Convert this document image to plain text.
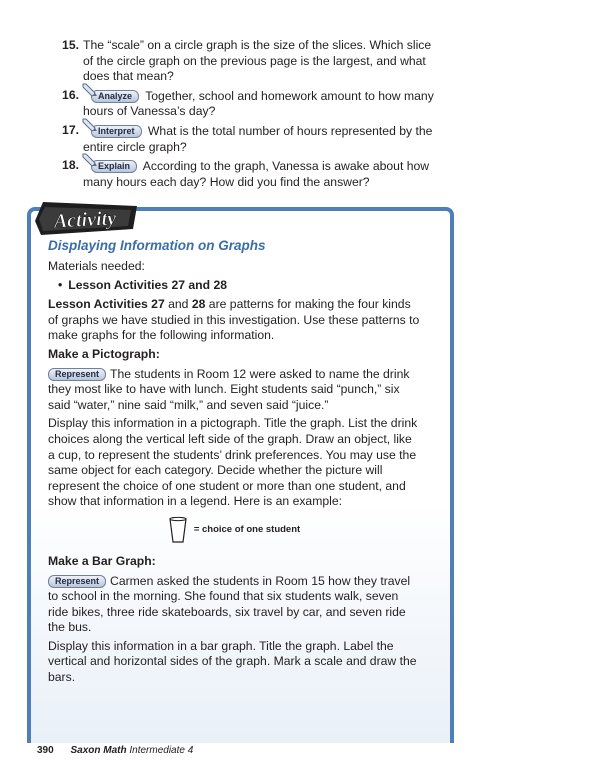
15. The “scale” on a circle graph is the size of the slices. Which slice of the circle graph on the previous page is the largest, and what does that mean?
16. Analyze Together, school and homework amount to how many hours of Vanessa’s day?
17. Interpret What is the total number of hours represented by the entire circle graph?
18. Explain According to the graph, Vanessa is awake about how many hours each day? How did you find the answer?
Activity
Displaying Information on Graphs

Materials needed:

• Lesson Activities 27 and 28

Lesson Activities 27 and 28 are patterns for making the four kinds of graphs we have studied in this investigation. Use these patterns to make graphs for the following information.

Make a Pictograph:

Represent The students in Room 12 were asked to name the drink they most like to have with lunch. Eight students said “punch,” six said “water,” nine said “milk,” and seven said “juice.”

Display this information in a pictograph. Title the graph. List the drink choices along the vertical left side of the graph. Draw an object, like a cup, to represent the students’ drink preferences. You may use the same object for each category. Decide whether the picture will represent the choice of one student or more than one student, and show that information in a legend. Here is an example:

= choice of one student
Make a Bar Graph:

Represent Carmen asked the students in Room 15 how they travel to school in the morning. She found that six students walk, seven ride bikes, three ride skateboards, six travel by car, and seven ride the bus.

Display this information in a bar graph. Title the graph. Label the vertical and horizontal sides of the graph. Mark a scale and draw the bars.

390 Saxon Math Intermediate 4
